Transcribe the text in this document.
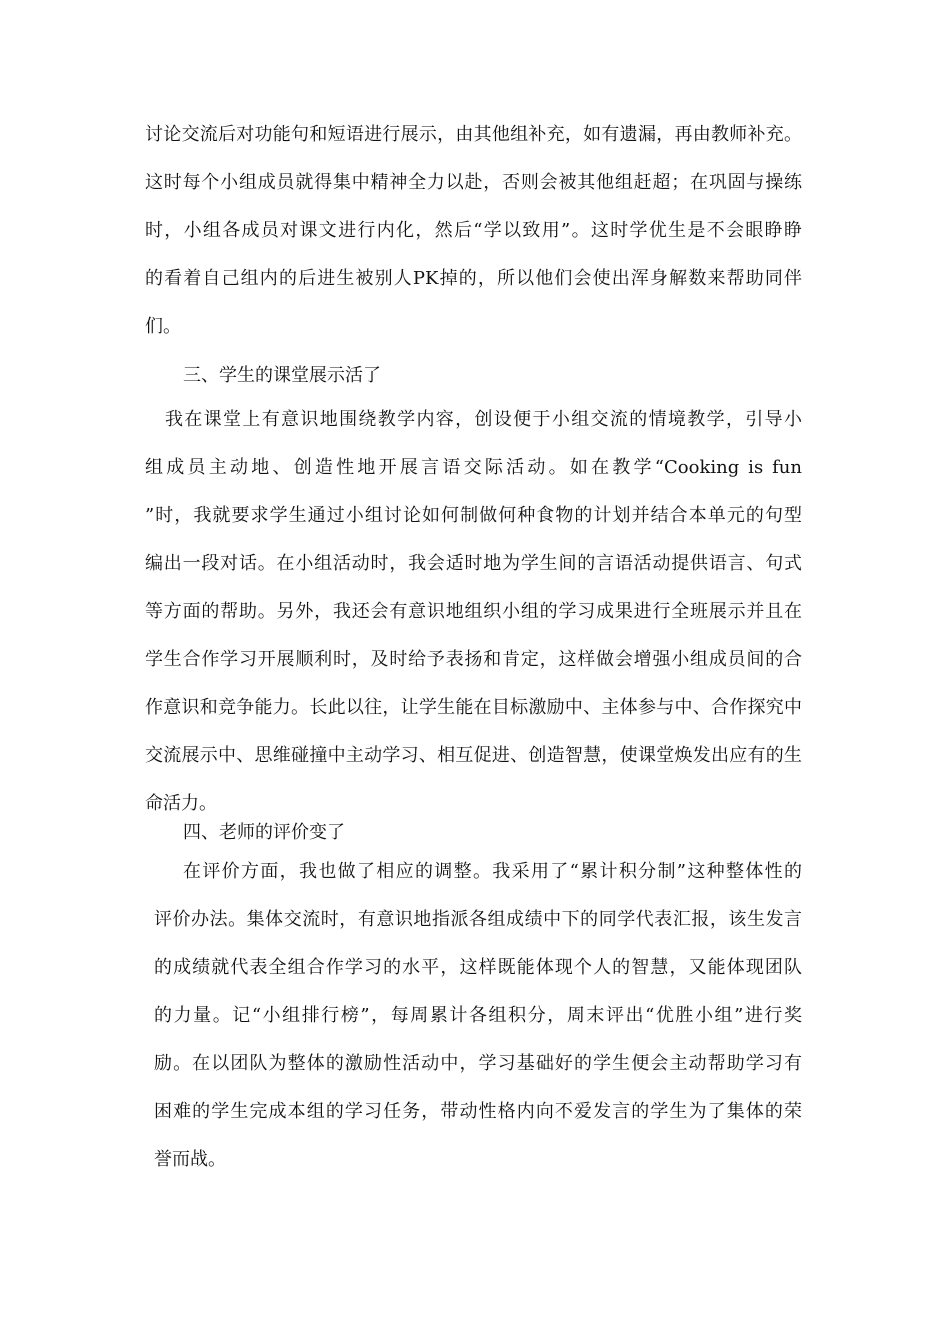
讨论交流后对功能句和短语进行展示，由其他组补充，如有遗漏，再由教师补充。
这时每个小组成员就得集中精神全力以赴，否则会被其他组赶超；在巩固与操练
时，小组各成员对课文进行内化，然后“学以致用”。这时学优生是不会眼睁睁
的看着自己组内的后进生被别人PK掉的，所以他们会使出浑身解数来帮助同伴
们。
三、学生的课堂展示活了
我在课堂上有意识地围绕教学内容，创设便于小组交流的情境教学，引导小
组成员主动地、创造性地开展言语交际活动。如在教学“Cooking is fun
”时，我就要求学生通过小组讨论如何制做何种食物的计划并结合本单元的句型
编出一段对话。在小组活动时，我会适时地为学生间的言语活动提供语言、句式
等方面的帮助。另外，我还会有意识地组织小组的学习成果进行全班展示并且在
学生合作学习开展顺利时，及时给予表扬和肯定，这样做会增强小组成员间的合
作意识和竞争能力。长此以往，让学生能在目标激励中、主体参与中、合作探究中
交流展示中、思维碰撞中主动学习、相互促进、创造智慧，使课堂焕发出应有的生
命活力。
四、老师的评价变了
在评价方面，我也做了相应的调整。我采用了“累计积分制”这种整体性的
评价办法。集体交流时，有意识地指派各组成绩中下的同学代表汇报，该生发言
的成绩就代表全组合作学习的水平，这样既能体现个人的智慧，又能体现团队
的力量。记“小组排行榜”，每周累计各组积分，周末评出“优胜小组”进行奖
励。在以团队为整体的激励性活动中，学习基础好的学生便会主动帮助学习有
困难的学生完成本组的学习任务，带动性格内向不爱发言的学生为了集体的荣
誉而战。
